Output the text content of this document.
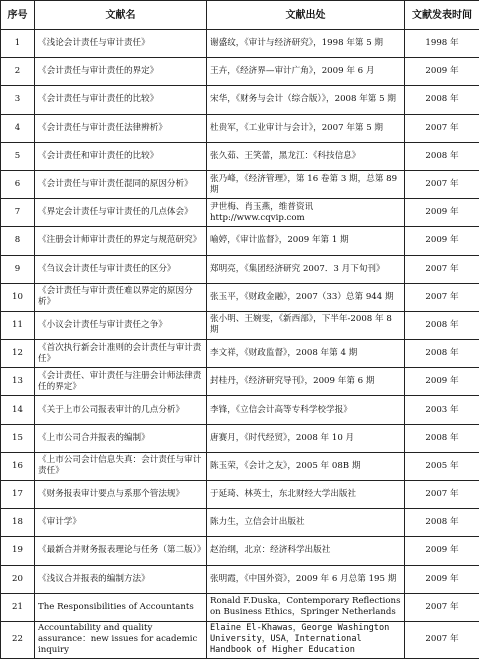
序号	文献名	文献出处	文献发表时间
1	《浅论会计责任与审计责任》	谢盛纹，《审计与经济研究》，1998 年第 5 期	1998 年
2	《会计责任与审计责任的界定》	王卉，《经济界—审计广角》，2009 年 6 月	2009 年
3	《会计责任与审计责任的比较》	宋华，《财务与会计（综合版）》，2008 年第 5 期	2008 年
4	《会计责任与审计责任法律辨析》	杜贵军，《工业审计与会计》，2007 年第 5 期	2007 年
5	《会计责任和审计责任的比较》	张久茹、王笑蕾，黑龙江：《科技信息》	2008 年
6	《会计责任与审计责任混同的原因分析》	张乃峰，《经济管理》，第 16 卷第 3 期，总第 89 期	2007 年
7	《界定会计责任与审计责任的几点体会》	尹世梅、肖玉燕，维普资讯 http://www.cqvip.com	2009 年
8	《注册会计师审计责任的界定与规范研究》	喻婷，《审计监督》，2009 年第 1 期	2009 年
9	《刍议会计责任与审计责任的区分》	郑明亮，《集团经济研究 2007．3 月下旬刊》	2007 年
10	《会计责任与审计责任难以界定的原因分析》	张玉平，《财政金融》，2007（33）总第 944 期	2007 年
11	《小议会计责任与审计责任之争》	张小明、王婉雯，《新西部》，下半年-2008 年 8 期	2008 年
12	《首次执行新会计准则的会计责任与审计责任》	李文祥，《财政监督》，2008 年第 4 期	2008 年
13	《会计责任、审计责任与注册会计师法律责任的界定》	封桂丹，《经济研究导刊》，2009 年第 6 期	2009 年
14	《关于上市公司报表审计的几点分析》	李锋，《立信会计高等专科学校学报》	2003 年
15	《上市公司合并报表的编制》	唐赛月，《时代经贸》，2008 年 10 月	2008 年
16	《上市公司会计信息失真：会计责任与审计责任》	陈玉荣，《会计之友》，2005 年 08B 期	2005 年
17	《财务报表审计要点与系那个管法规》	于延琦、林英士，东北财经大学出版社	2007 年
18	《审计学》	陈力生，立信会计出版社	2008 年
19	《最新合并财务报表理论与任务（第二版）》	赵治纲，北京：经济科学出版社	2009 年
20	《浅议合并报表的编制方法》	张明霞，《中国外资》，2009 年 6 月总第 195 期	2009 年
21	The Responsibilities of Accountants	Ronald F.Duska，Contemporary Reflections on Business Ethics，Springer Netherlands	2007 年
22	Accountability and quality assurance：new issues for academic inquiry	Elaine El-Khawas，George Washington University，USA，International Handbook of Higher Education	2007 年
